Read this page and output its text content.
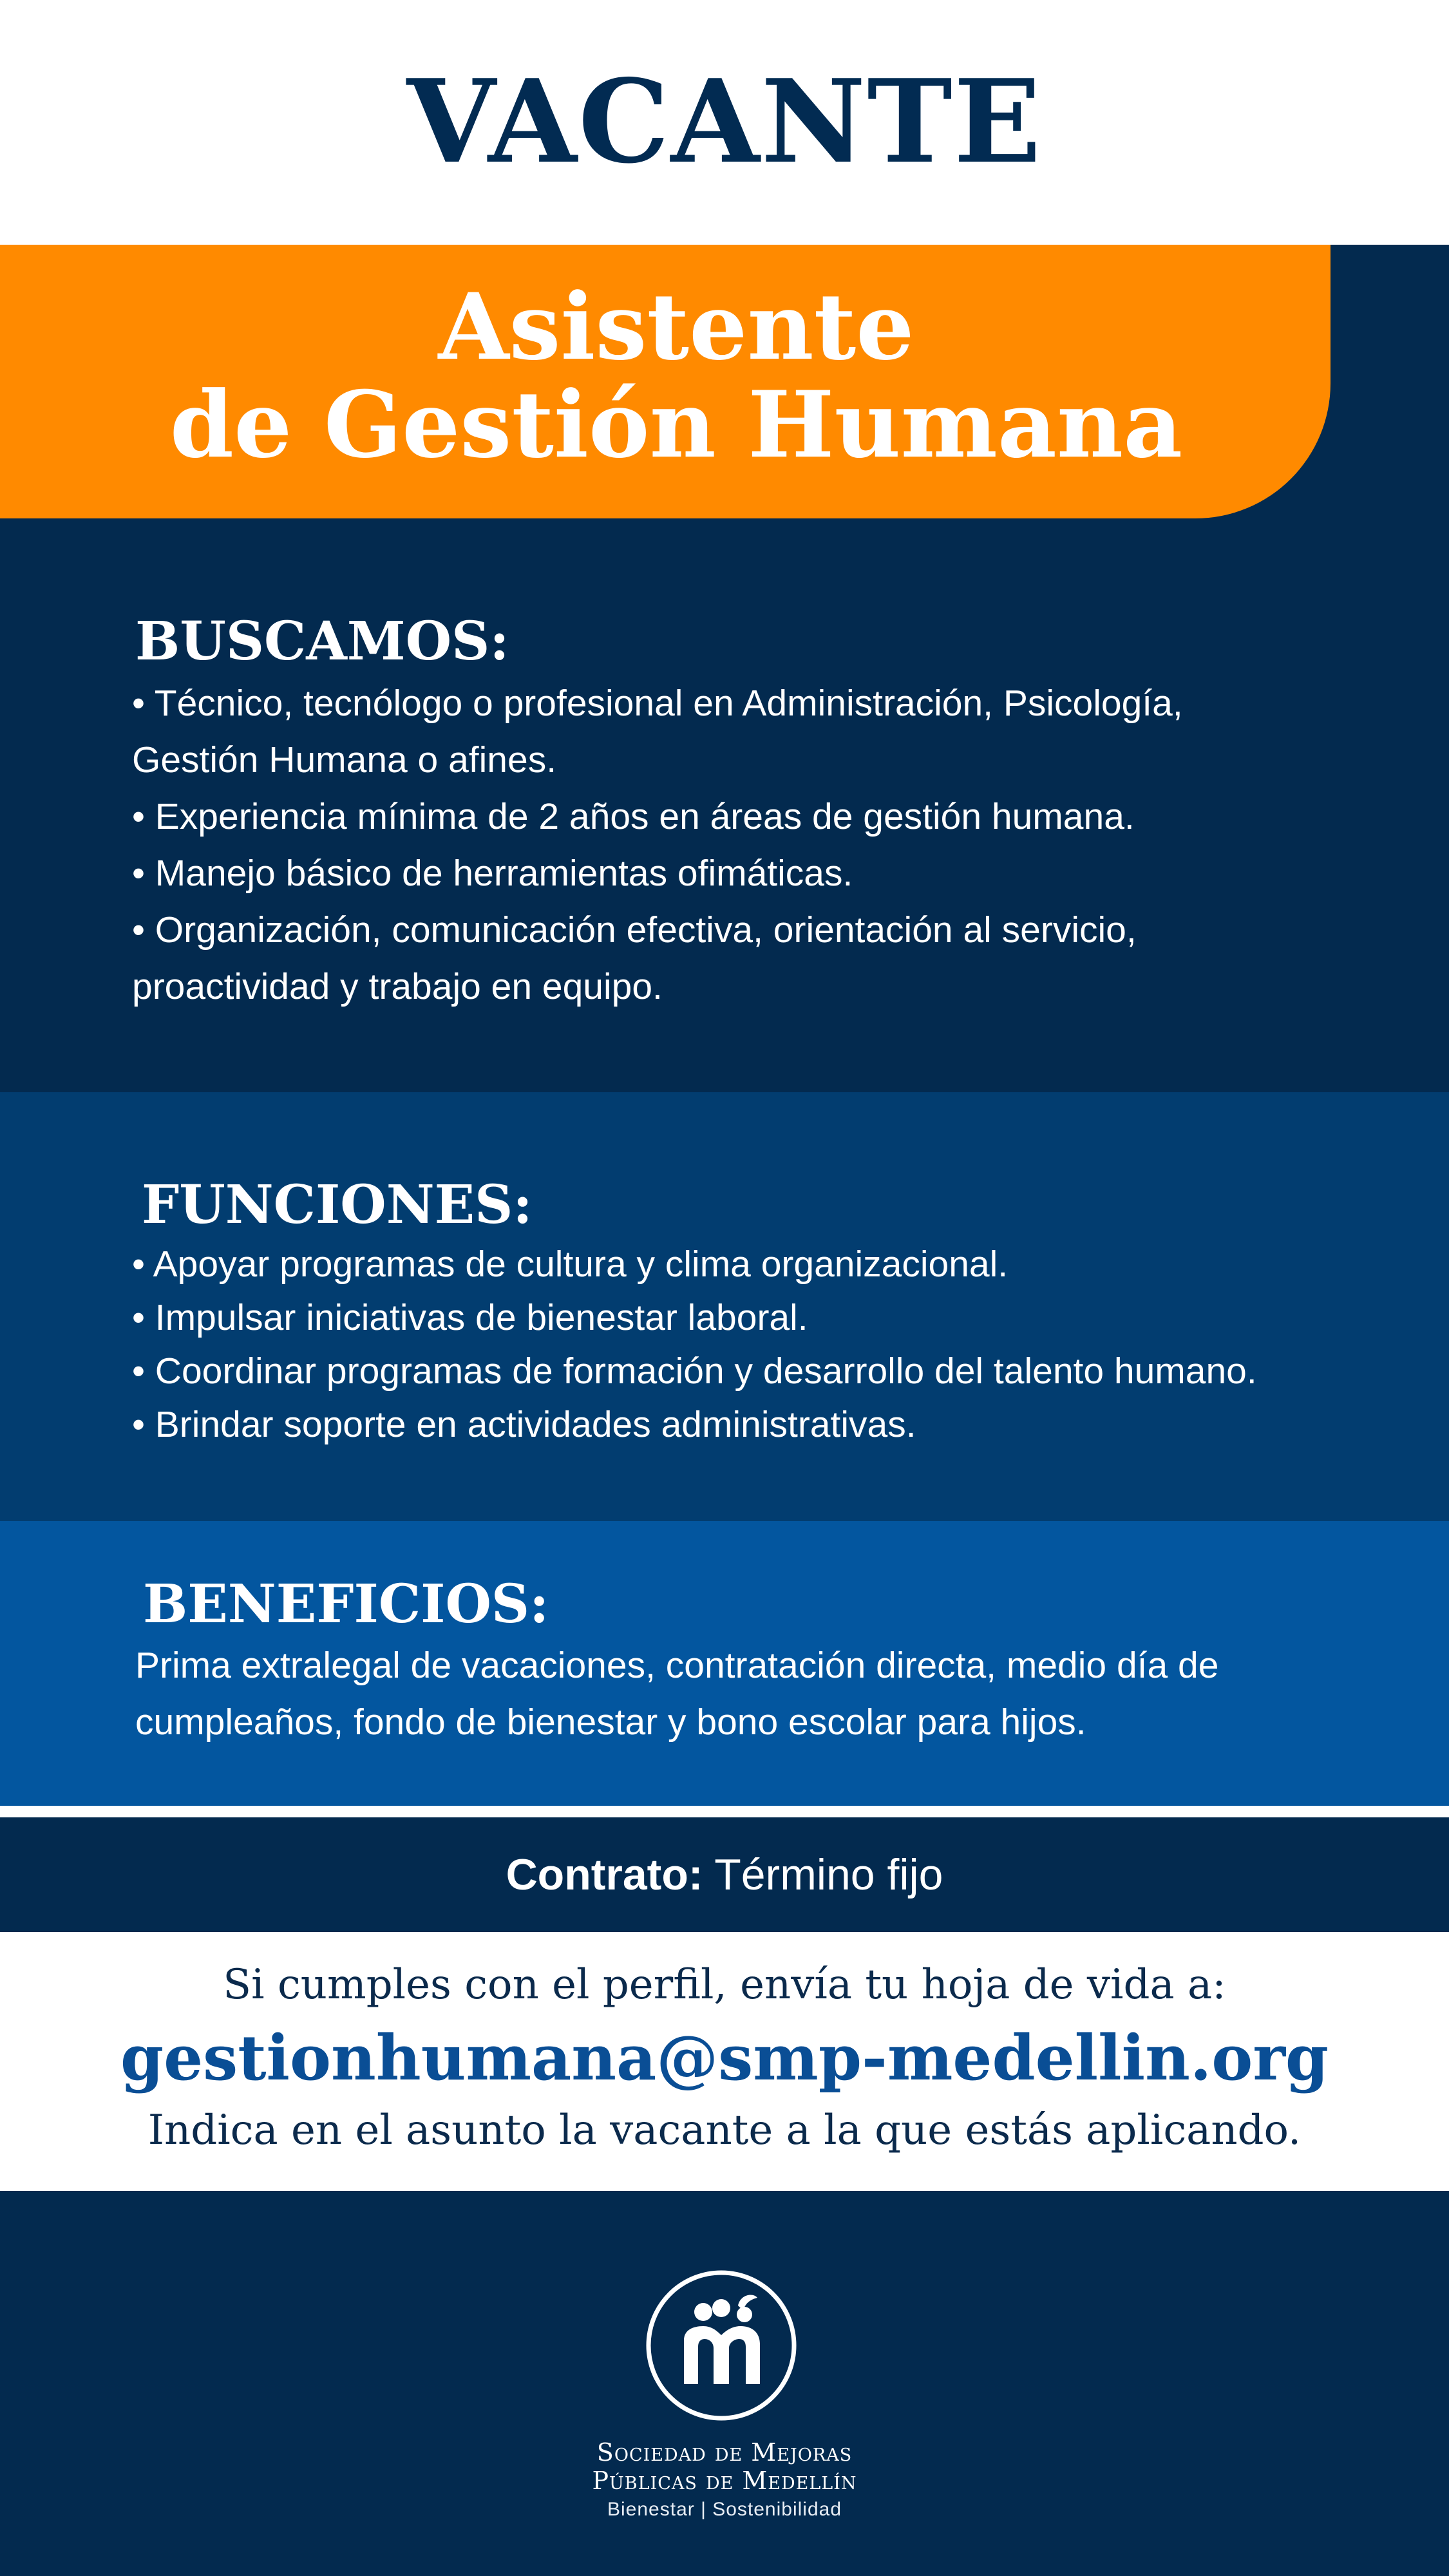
VACANTE
Asistente
de Gestión Humana
BUSCAMOS:
• Técnico, tecnólogo o profesional en Administración, Psicología,
Gestión Humana o afines.
• Experiencia mínima de 2 años en áreas de gestión humana.
• Manejo básico de herramientas ofimáticas.
• Organización, comunicación efectiva, orientación al servicio,
proactividad y trabajo en equipo.
FUNCIONES:
• Apoyar programas de cultura y clima organizacional.
• Impulsar iniciativas de bienestar laboral.
• Coordinar programas de formación y desarrollo del talento humano.
• Brindar soporte en actividades administrativas.
BENEFICIOS:
Prima extralegal de vacaciones, contratación directa, medio día de
cumpleaños, fondo de bienestar y bono escolar para hijos.
Contrato: Término fijo
Si cumples con el perfil, envía tu hoja de vida a:
gestionhumana@smp-medellin.org
Indica en el asunto la vacante a la que estás aplicando.
Sociedad de Mejoras
Públicas de Medellín
Bienestar | Sostenibilidad
